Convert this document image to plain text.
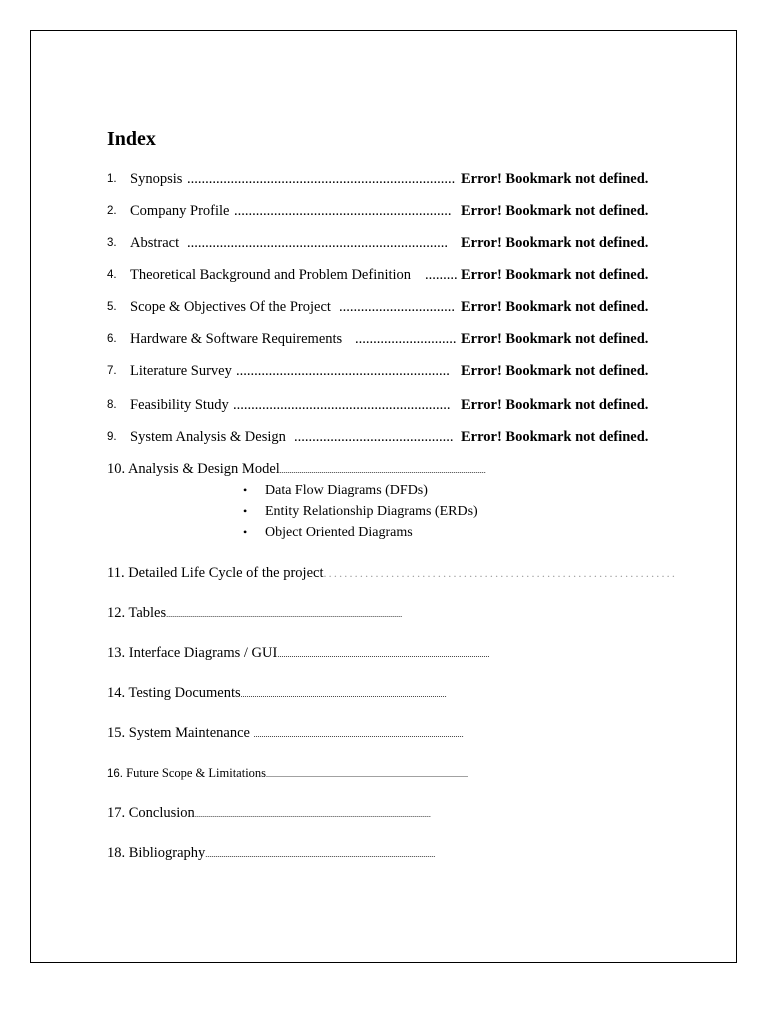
Index
1. Synopsis .......................................................................... Error! Bookmark not defined.
2. Company Profile ............................................................ Error! Bookmark not defined.
3. Abstract ........................................................................ Error! Bookmark not defined.
4. Theoretical Background and Problem Definition ......... Error! Bookmark not defined.
5. Scope & Objectives Of the Project ................................ Error! Bookmark not defined.
6. Hardware & Software Requirements ............................ Error! Bookmark not defined.
7. Literature Survey ........................................................... Error! Bookmark not defined.
8. Feasibility Study ............................................................ Error! Bookmark not defined.
9. System Analysis & Design ............................................ Error! Bookmark not defined.
10. Analysis & Design Model.......................................................................................................
• Data Flow Diagrams (DFDs)
• Entity Relationship Diagrams (ERDs)
• Object Oriented Diagrams
11. Detailed Life Cycle of the project....................................................................
12. Tables......................................................................................................................
13. Interface Diagrams / GUI..........................................................................................................
14. Testing Documents.......................................................................................................
15. System Maintenance .........................................................................................................
16. Future Scope & Limitations.....................................................................................................
17. Conclusion......................................................................................................................
18. Bibliography...................................................................................................................
